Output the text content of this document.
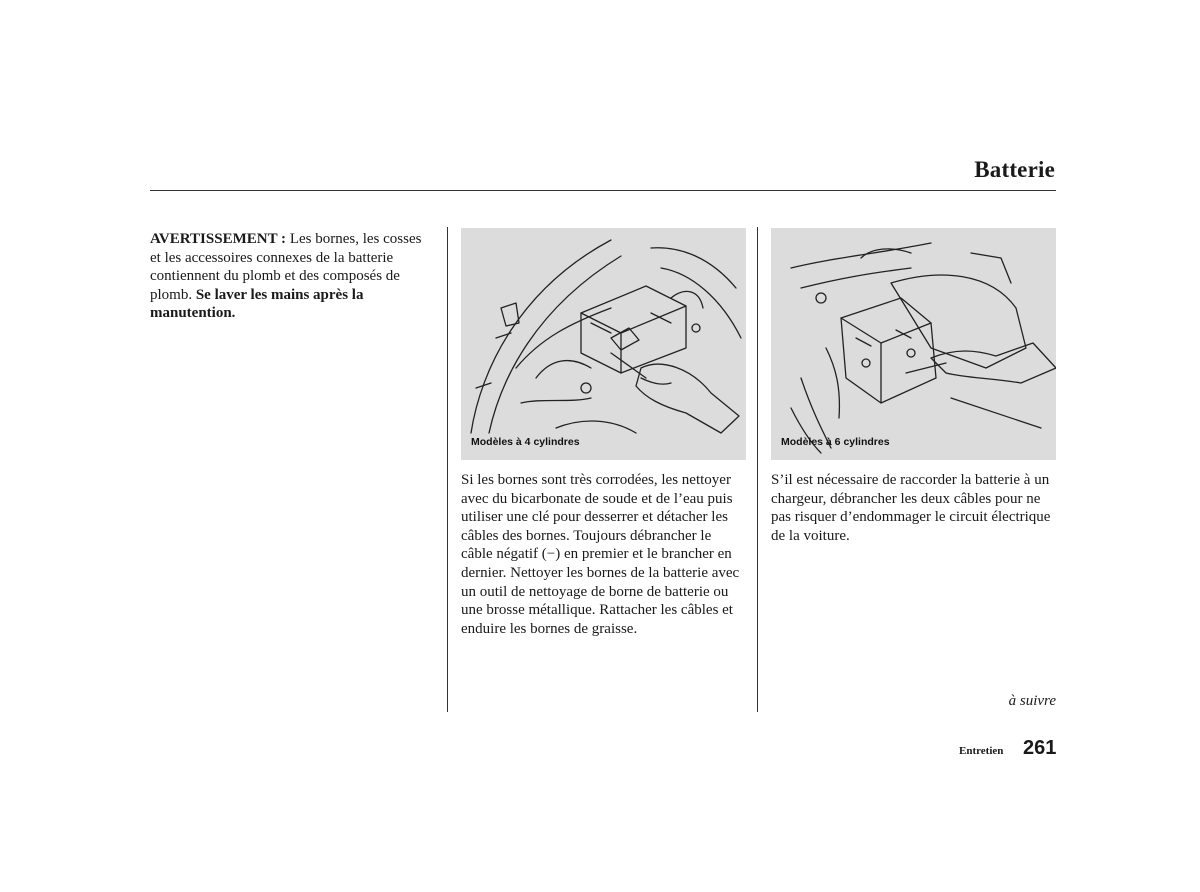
Batterie
AVERTISSEMENT : Les bornes, les cosses et les accessoires connexes de la batterie contiennent du plomb et des composés de plomb. Se laver les mains après la manutention.
Modèles à 4 cylindres	Modèles à 6 cylindres
Si les bornes sont très corrodées, les nettoyer avec du bicarbonate de soude et de l’eau puis utiliser une clé pour desserrer et détacher les câbles des bornes. Toujours débrancher le câble négatif (−) en premier et le brancher en dernier. Nettoyer les bornes de la batterie avec un outil de nettoyage de borne de batterie ou une brosse métallique. Rattacher les câbles et enduire les bornes de graisse.
S’il est nécessaire de raccorder la batterie à un chargeur, débrancher les deux câbles pour ne pas risquer d’endommager le circuit électrique de la voiture.
à suivre
Entretien 261
